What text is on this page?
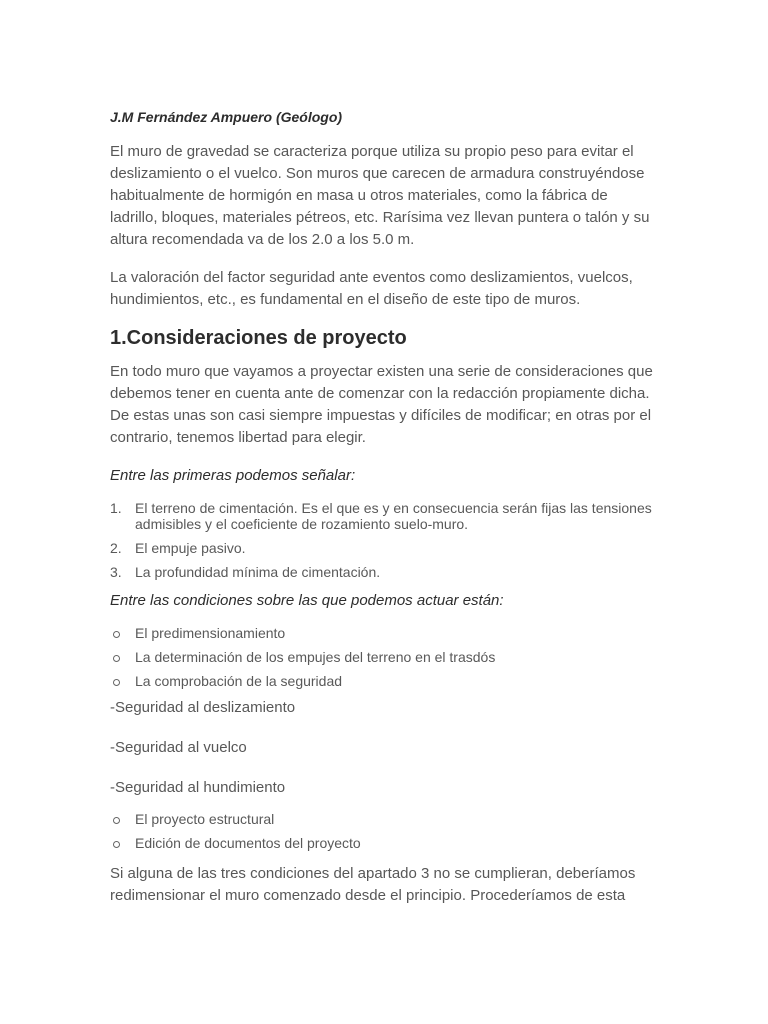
J.M Fernández Ampuero (Geólogo)

El muro de gravedad se caracteriza porque utiliza su propio peso para evitar el deslizamiento o el vuelco. Son muros que carecen de armadura construyéndose habitualmente de hormigón en masa u otros materiales, como la fábrica de ladrillo, bloques, materiales pétreos, etc. Rarísima vez llevan puntera o talón y su altura recomendada va de los 2.0 a los 5.0 m.

La valoración del factor seguridad ante eventos como deslizamientos, vuelcos, hundimientos, etc., es fundamental en el diseño de este tipo de muros.

1.Consideraciones de proyecto

En todo muro que vayamos a proyectar existen una serie de consideraciones que debemos tener en cuenta ante de comenzar con la redacción propiamente dicha. De estas unas son casi siempre impuestas y difíciles de modificar; en otras por el contrario, tenemos libertad para elegir.

Entre las primeras podemos señalar:

1. El terreno de cimentación. Es el que es y en consecuencia serán fijas las tensiones admisibles y el coeficiente de rozamiento suelo-muro.
2. El empuje pasivo.
3. La profundidad mínima de cimentación.

Entre las condiciones sobre las que podemos actuar están:

El predimensionamiento
La determinación de los empujes del terreno en el trasdós
La comprobación de la seguridad

-Seguridad al deslizamiento

-Seguridad al vuelco

-Seguridad al hundimiento

El proyecto estructural
Edición de documentos del proyecto

Si alguna de las tres condiciones del apartado 3 no se cumplieran, deberíamos redimensionar el muro comenzado desde el principio. Procederíamos de esta
